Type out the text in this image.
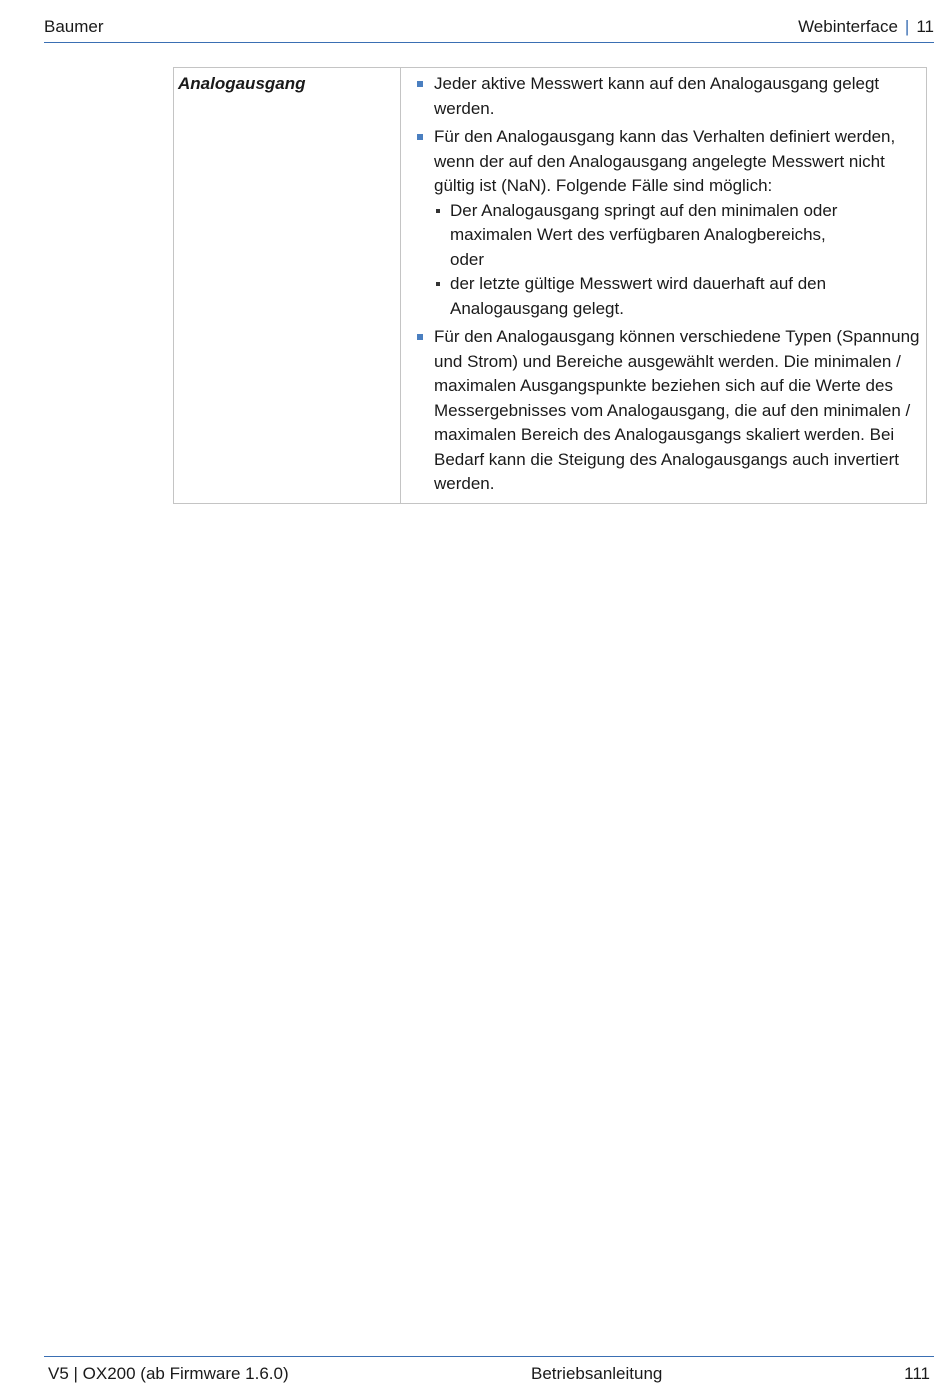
Baumer	Webinterface | 11
Analogausgang	Jeder aktive Messwert kann auf den Analogausgang gelegt werden.
Für den Analogausgang kann das Verhalten definiert werden, wenn der auf den Analogausgang angelegte Messwert nicht gültig ist (NaN). Folgende Fälle sind möglich:
Der Analogausgang springt auf den minimalen oder maximalen Wert des verfügbaren Analogbereichs,
oder
der letzte gültige Messwert wird dauerhaft auf den Analogausgang gelegt.
Für den Analogausgang können verschiedene Typen (Spannung und Strom) und Bereiche ausgewählt werden. Die minimalen / maximalen Ausgangspunkte beziehen sich auf die Werte des Messergebnisses vom Analogausgang, die auf den minimalen / maximalen Bereich des Analogausgangs skaliert werden. Bei Bedarf kann die Steigung des Analogausgangs auch invertiert werden.
V5 | OX200 (ab Firmware 1.6.0)	Betriebsanleitung	111
